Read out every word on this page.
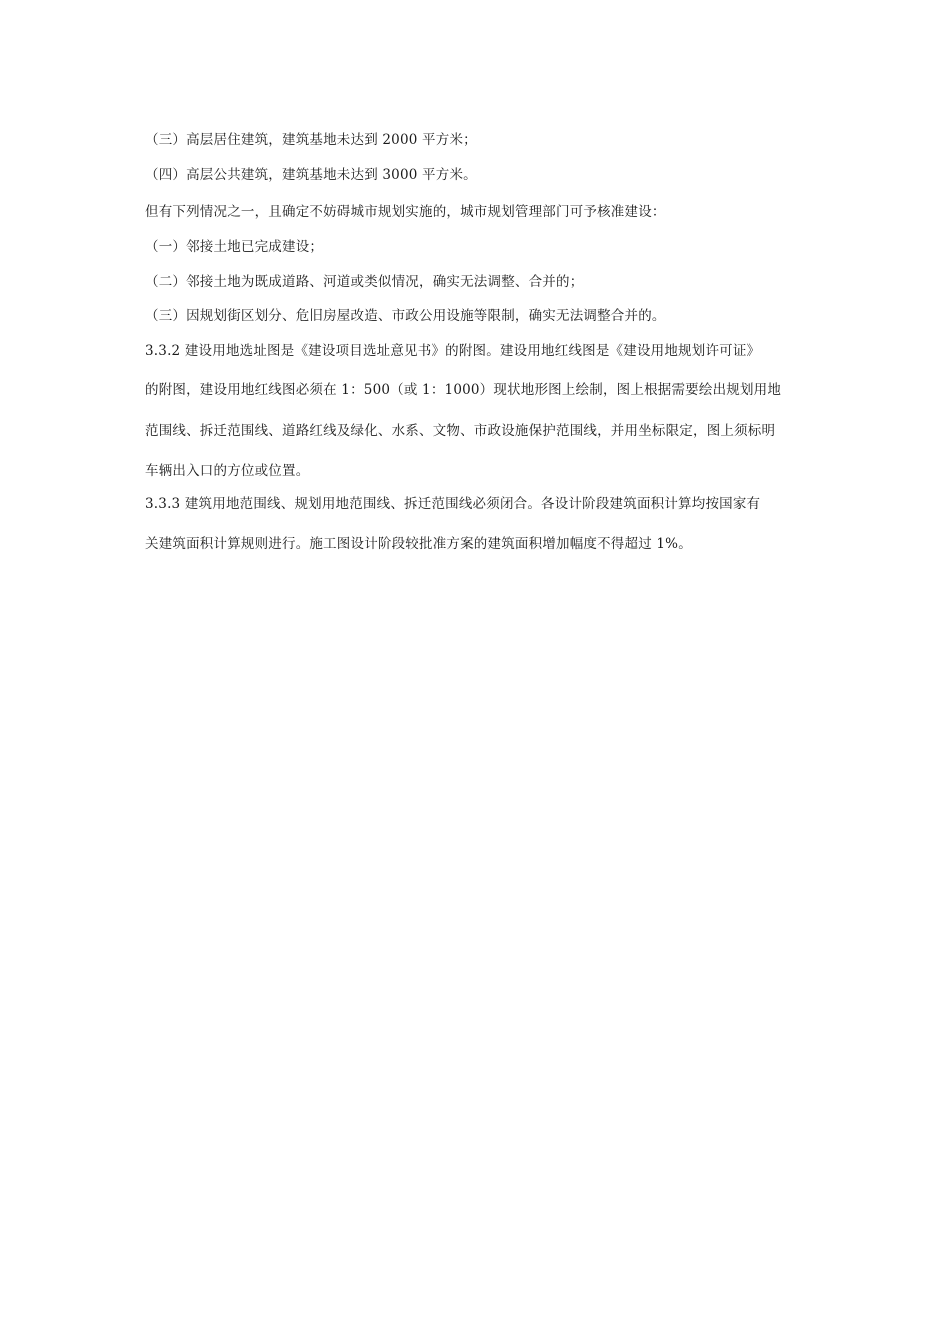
（三）高层居住建筑，建筑基地未达到 2000 平方米；
（四）高层公共建筑，建筑基地未达到 3000 平方米。
但有下列情况之一，且确定不妨碍城市规划实施的，城市规划管理部门可予核准建设：
（一）邻接土地已完成建设；
（二）邻接土地为既成道路、河道或类似情况，确实无法调整、合并的；
（三）因规划街区划分、危旧房屋改造、市政公用设施等限制，确实无法调整合并的。
3.3.2 建设用地选址图是《建设项目选址意见书》的附图。建设用地红线图是《建设用地规划许可证》
的附图，建设用地红线图必须在 1：500（或 1：1000）现状地形图上绘制，图上根据需要绘出规划用地
范围线、拆迁范围线、道路红线及绿化、水系、文物、市政设施保护范围线，并用坐标限定，图上须标明
车辆出入口的方位或位置。
3.3.3 建筑用地范围线、规划用地范围线、拆迁范围线必须闭合。各设计阶段建筑面积计算均按国家有
关建筑面积计算规则进行。施工图设计阶段较批准方案的建筑面积增加幅度不得超过 1%。
